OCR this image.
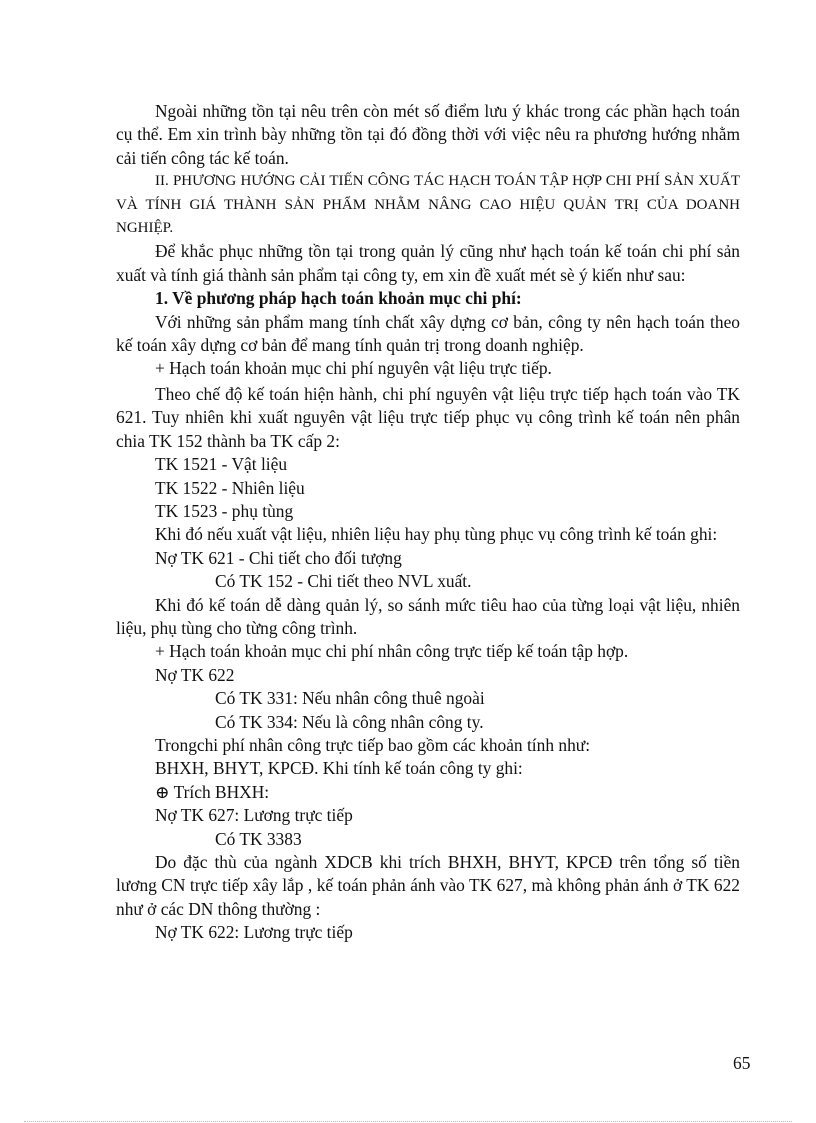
Ngoài những tồn tại nêu trên còn mét số điểm lưu ý khác trong các phần hạch toán cụ thể. Em xin trình bày những tồn tại đó đồng thời với việc nêu ra phương hướng nhằm cải tiến công tác kế toán.

II. PHƯƠNG HƯỚNG CẢI TIẾN CÔNG TÁC HẠCH TOÁN TẬP HỢP CHI PHÍ SẢN XUẤT VÀ TÍNH GIÁ THÀNH SẢN PHẨM NHẰM NÂNG CAO HIỆU QUẢN TRỊ CỦA DOANH NGHIỆP.

Để khắc phục những tồn tại trong quản lý cũng như hạch toán kế toán chi phí sản xuất và tính giá thành sản phẩm tại công ty, em xin đề xuất mét sè ý kiến như sau:

1. Về phương pháp hạch toán khoản mục chi phí:

Với những sản phẩm mang tính chất xây dựng cơ bản, công ty nên hạch toán theo kế toán xây dựng cơ bản để mang tính quản trị trong doanh nghiệp.

+ Hạch toán khoản mục chi phí nguyên vật liệu trực tiếp.

Theo chế độ kế toán hiện hành, chi phí nguyên vật liệu trực tiếp hạch toán vào TK 621. Tuy nhiên khi xuất nguyên vật liệu trực tiếp phục vụ công trình kế toán nên phân chia TK 152 thành ba TK cấp 2:

TK 1521 - Vật liệu

TK 1522 - Nhiên liệu

TK 1523 - phụ tùng

Khi đó nếu xuất vật liệu, nhiên liệu hay phụ tùng phục vụ công trình kế toán ghi:

Nợ TK 621 - Chi tiết cho đối tượng

Có TK 152 - Chi tiết theo NVL xuất.

Khi đó kế toán dễ dàng quản lý, so sánh mức tiêu hao của từng loại vật liệu, nhiên liệu, phụ tùng cho từng công trình.

+ Hạch toán khoản mục chi phí nhân công trực tiếp kế toán tập hợp.

Nợ TK 622

Có TK 331: Nếu nhân công thuê ngoài

Có TK 334: Nếu là công nhân công ty.

Trongchi phí nhân công trực tiếp bao gồm các khoản tính như:

BHXH, BHYT, KPCĐ. Khi tính kế toán công ty ghi:

⊕ Trích BHXH:

Nợ TK 627: Lương trực tiếp

Có TK 3383

Do đặc thù của ngành XDCB khi trích BHXH, BHYT, KPCĐ trên tổng số tiền lương CN trực tiếp xây lắp , kế toán phản ánh vào TK 627, mà không phản ánh ở TK 622 như ở các DN thông thường :

Nợ TK 622: Lương trực tiếp

65
